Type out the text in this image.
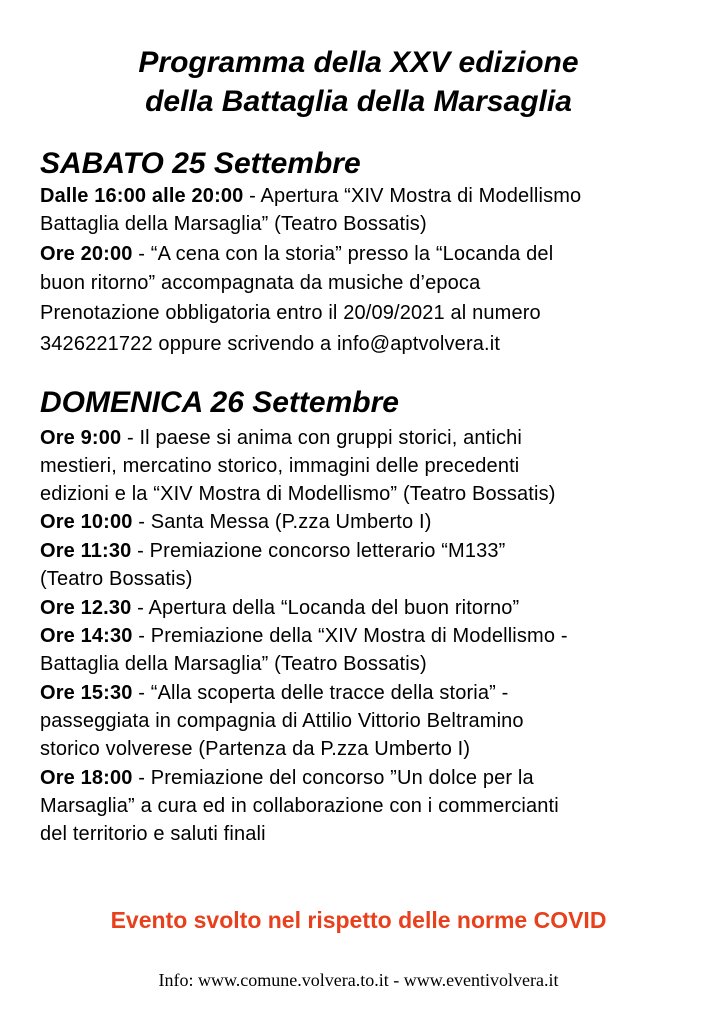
Programma della XXV edizione
della Battaglia della Marsaglia
SABATO 25 Settembre
Dalle 16:00 alle 20:00 - Apertura “XIV Mostra di Modellismo
Battaglia della Marsaglia” (Teatro Bossatis)
Ore 20:00 - “A cena con la storia” presso la “Locanda del
buon ritorno” accompagnata da musiche d’epoca
Prenotazione obbligatoria entro il 20/09/2021 al numero
3426221722 oppure scrivendo a info@aptvolvera.it
DOMENICA 26 Settembre
Ore 9:00 - Il paese si anima con gruppi storici, antichi
mestieri, mercatino storico, immagini delle precedenti
edizioni e la “XIV Mostra di Modellismo” (Teatro Bossatis)
Ore 10:00 - Santa Messa (P.zza Umberto I)
Ore 11:30 - Premiazione concorso letterario “M133”
(Teatro Bossatis)
Ore 12.30 - Apertura della “Locanda del buon ritorno”
Ore 14:30 - Premiazione della “XIV Mostra di Modellismo -
Battaglia della Marsaglia” (Teatro Bossatis)
Ore 15:30 - “Alla scoperta delle tracce della storia” -
passeggiata in compagnia di Attilio Vittorio Beltramino
storico volverese (Partenza da P.zza Umberto I)
Ore 18:00 - Premiazione del concorso ”Un dolce per la
Marsaglia” a cura ed in collaborazione con i commercianti
del territorio e saluti finali
Evento svolto nel rispetto delle norme COVID
Info: www.comune.volvera.to.it - www.eventivolvera.it
